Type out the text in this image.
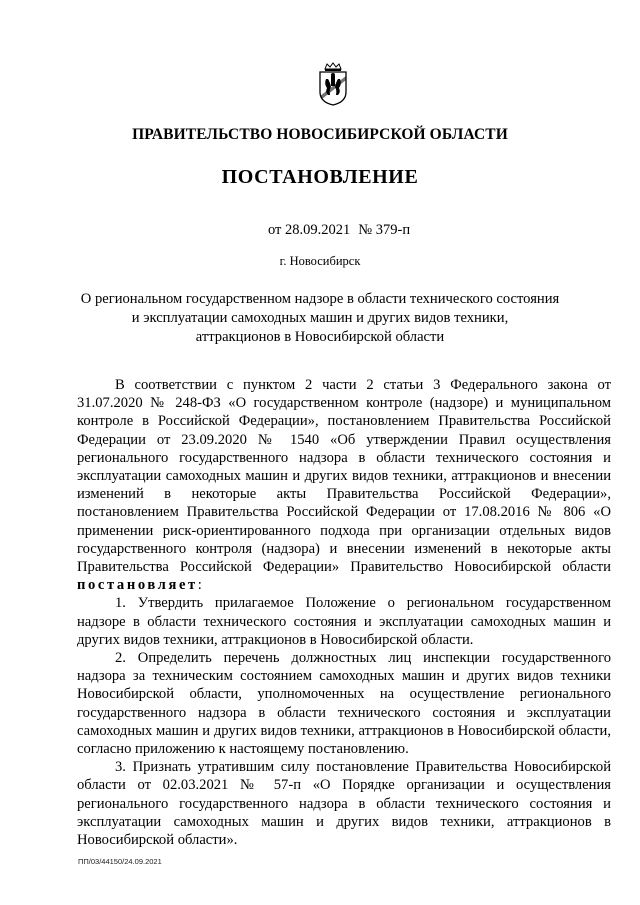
ПРАВИТЕЛЬСТВО НОВОСИБИРСКОЙ ОБЛАСТИ
ПОСТАНОВЛЕНИЕ
от 28.09.2021 № 379-п
г. Новосибирск
О региональном государственном надзоре в области технического состояния
и эксплуатации самоходных машин и других видов техники,
аттракционов в Новосибирской области

В соответствии с пунктом 2 части 2 статьи 3 Федерального закона от 31.07.2020 № 248-ФЗ «О государственном контроле (надзоре) и муниципальном контроле в Российской Федерации», постановлением Правительства Российской Федерации от 23.09.2020 № 1540 «Об утверждении Правил осуществления регионального государственного надзора в области технического состояния и эксплуатации самоходных машин и других видов техники, аттракционов и внесении изменений в некоторые акты Правительства Российской Федерации», постановлением Правительства Российской Федерации от 17.08.2016 № 806 «О применении риск-ориентированного подхода при организации отдельных видов государственного контроля (надзора) и внесении изменений в некоторые акты Правительства Российской Федерации» Правительство Новосибирской области постановляет:

1. Утвердить прилагаемое Положение о региональном государственном надзоре в области технического состояния и эксплуатации самоходных машин и других видов техники, аттракционов в Новосибирской области.

2. Определить перечень должностных лиц инспекции государственного надзора за техническим состоянием самоходных машин и других видов техники Новосибирской области, уполномоченных на осуществление регионального государственного надзора в области технического состояния и эксплуатации самоходных машин и других видов техники, аттракционов в Новосибирской области, согласно приложению к настоящему постановлению.

3. Признать утратившим силу постановление Правительства Новосибирской области от 02.03.2021 № 57-п «О Порядке организации и осуществления регионального государственного надзора в области технического состояния и эксплуатации самоходных машин и других видов техники, аттракционов в Новосибирской области».

ПП/03/44150/24.09.2021
